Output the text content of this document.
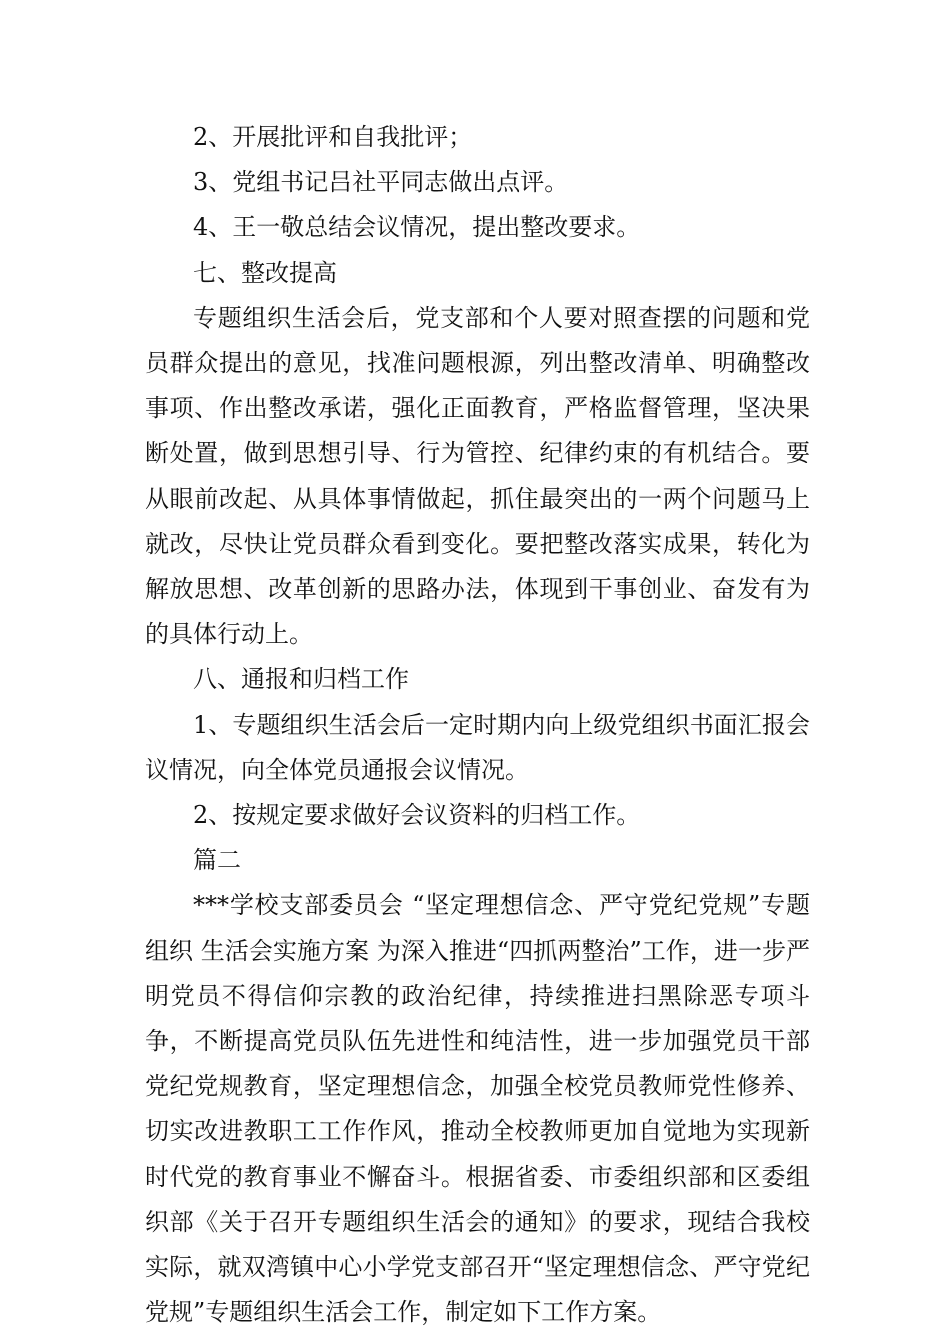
2、开展批评和自我批评；

3、党组书记吕社平同志做出点评。

4、王一敬总结会议情况，提出整改要求。

七、整改提高

专题组织生活会后，党支部和个人要对照查摆的问题和党员群众提出的意见，找准问题根源，列出整改清单、明确整改事项、作出整改承诺，强化正面教育，严格监督管理，坚决果断处置，做到思想引导、行为管控、纪律约束的有机结合。要从眼前改起、从具体事情做起，抓住最突出的一两个问题马上就改，尽快让党员群众看到变化。要把整改落实成果，转化为解放思想、改革创新的思路办法，体现到干事创业、奋发有为的具体行动上。

八、通报和归档工作

1、专题组织生活会后一定时期内向上级党组织书面汇报会议情况，向全体党员通报会议情况。

2、按规定要求做好会议资料的归档工作。

篇二

***学校支部委员会 “坚定理想信念、严守党纪党规”专题组织 生活会实施方案 为深入推进“四抓两整治”工作，进一步严明党员不得信仰宗教的政治纪律，持续推进扫黑除恶专项斗争，不断提高党员队伍先进性和纯洁性，进一步加强党员干部党纪党规教育，坚定理想信念，加强全校党员教师党性修养、切实改进教职工工作作风，推动全校教师更加自觉地为实现新时代党的教育事业不懈奋斗。根据省委、市委组织部和区委组织部《关于召开专题组织生活会的通知》的要求，现结合我校实际，就双湾镇中心小学党支部召开“坚定理想信念、严守党纪党规”专题组织生活会工作，制定如下工作方案。
